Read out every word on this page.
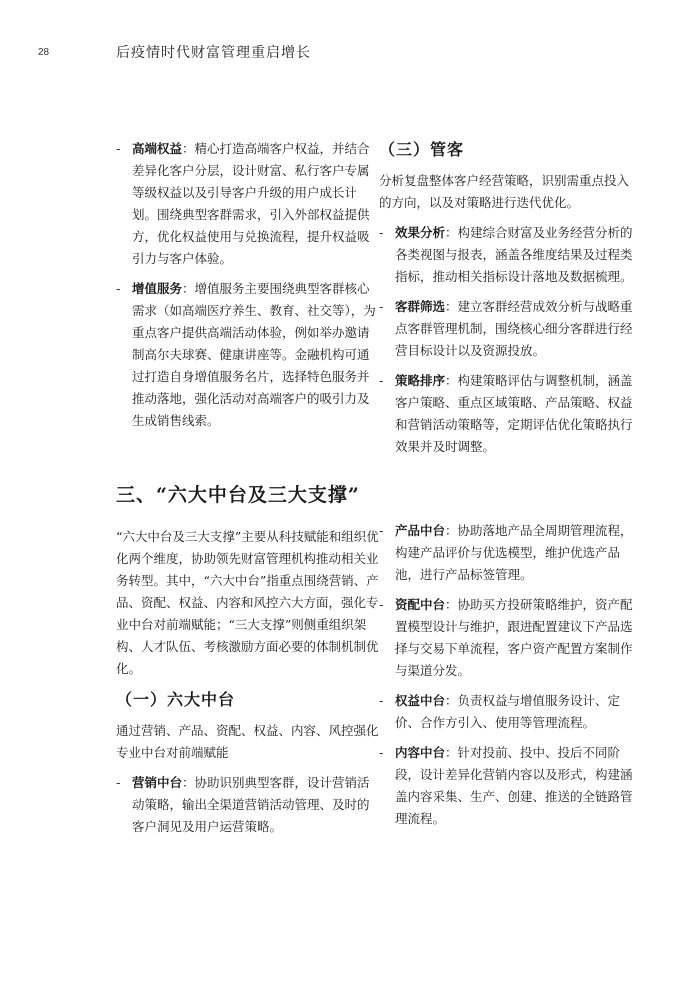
28	后疫情时代财富管理重启增长
- 高端权益：精心打造高端客户权益，并结合差异化客户分层，设计财富、私行客户专属等级权益以及引导客户升级的用户成长计划。围绕典型客群需求，引入外部权益提供方，优化权益使用与兑换流程，提升权益吸引力与客户体验。
- 增值服务：增值服务主要围绕典型客群核心需求（如高端医疗养生、教育、社交等），为重点客户提供高端活动体验，例如举办邀请制高尔夫球赛、健康讲座等。金融机构可通过打造自身增值服务名片，选择特色服务并推动落地，强化活动对高端客户的吸引力及生成销售线索。
（三）管客

分析复盘整体客户经营策略，识别需重点投入的方向，以及对策略进行迭代优化。

- 效果分析：构建综合财富及业务经营分析的各类视图与报表，涵盖各维度结果及过程类指标，推动相关指标设计落地及数据梳理。
- 客群筛选：建立客群经营成效分析与战略重点客群管理机制，围绕核心细分客群进行经营目标设计以及资源投放。
- 策略排序：构建策略评估与调整机制，涵盖客户策略、重点区域策略、产品策略、权益和营销活动策略等，定期评估优化策略执行效果并及时调整。
三、“六大中台及三大支撑”

“六大中台及三大支撑”主要从科技赋能和组织优化两个维度，协助领先财富管理机构推动相关业务转型。其中，“六大中台”指重点围绕营销、产品、资配、权益、内容和风控六大方面，强化专业中台对前端赋能；“三大支撑”则侧重组织架构、人才队伍、考核激励方面必要的体制机制优化。

（一）六大中台

通过营销、产品、资配、权益、内容、风控强化专业中台对前端赋能

- 营销中台：协助识别典型客群，设计营销活动策略，输出全渠道营销活动管理、及时的客户洞见及用户运营策略。
- 产品中台：协助落地产品全周期管理流程，构建产品评价与优选模型，维护优选产品池，进行产品标签管理。
- 资配中台：协助买方投研策略维护，资产配置模型设计与维护，跟进配置建议下产品选择与交易下单流程，客户资产配置方案制作与渠道分发。
- 权益中台：负责权益与增值服务设计、定价、合作方引入、使用等管理流程。
- 内容中台：针对投前、投中、投后不同阶段，设计差异化营销内容以及形式，构建涵盖内容采集、生产、创建、推送的全链路管理流程。
